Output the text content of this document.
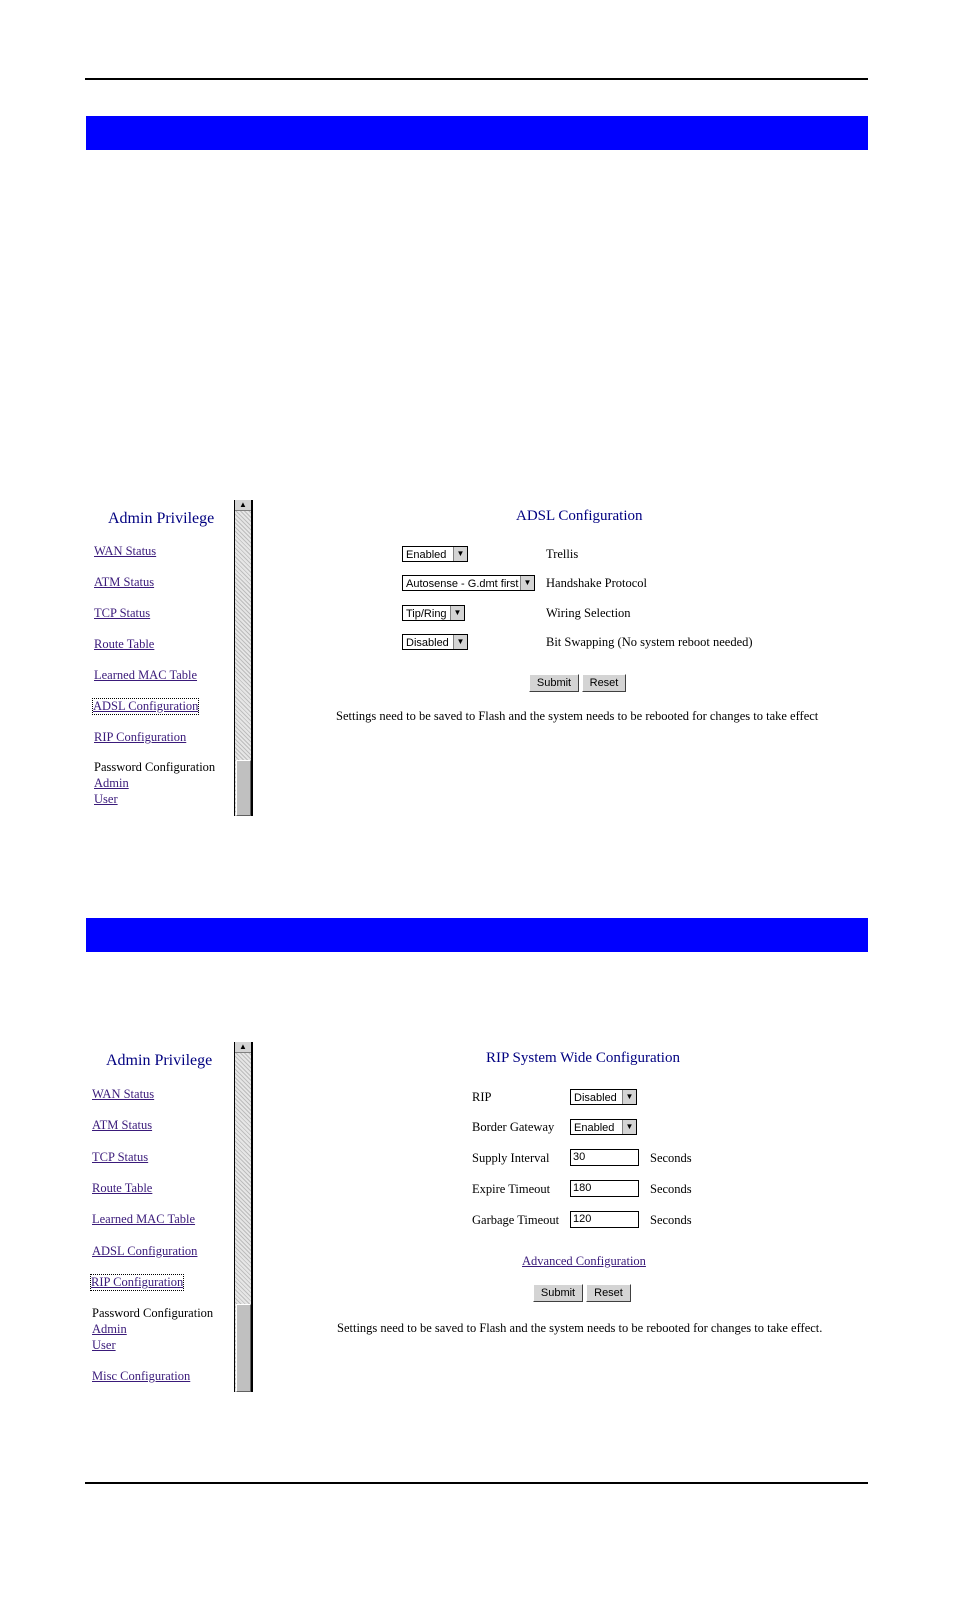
Admin Privilege
WAN Status
ATM Status
TCP Status
Route Table
Learned MAC Table
ADSL Configuration
RIP Configuration
Password Configuration
Admin
User
▲
ADSL Configuration
Enabled	▼	Trellis
Autosense - G.dmt first ▼ Handshake Protocol
Tip/Ring ▼	Wiring Selection
Disabled ▼	Bit Swapping (No system reboot needed)
Submit	Reset
Settings need to be saved to Flash and the system needs to be rebooted for changes to take effect
Admin Privilege
WAN Status
ATM Status
TCP Status
Route Table
Learned MAC Table
ADSL Configuration
RIP Configuration
Password Configuration
Admin
User
Misc Configuration
▲
RIP System Wide Configuration
RIP	Disabled	▼
Border Gateway	Enabled	▼
Supply Interval 30	Seconds
Expire Timeout 180	Seconds
Garbage Timeout 120	Seconds
Advanced Configuration
Submit	Reset
Settings need to be saved to Flash and the system needs to be rebooted for changes to take effect.
